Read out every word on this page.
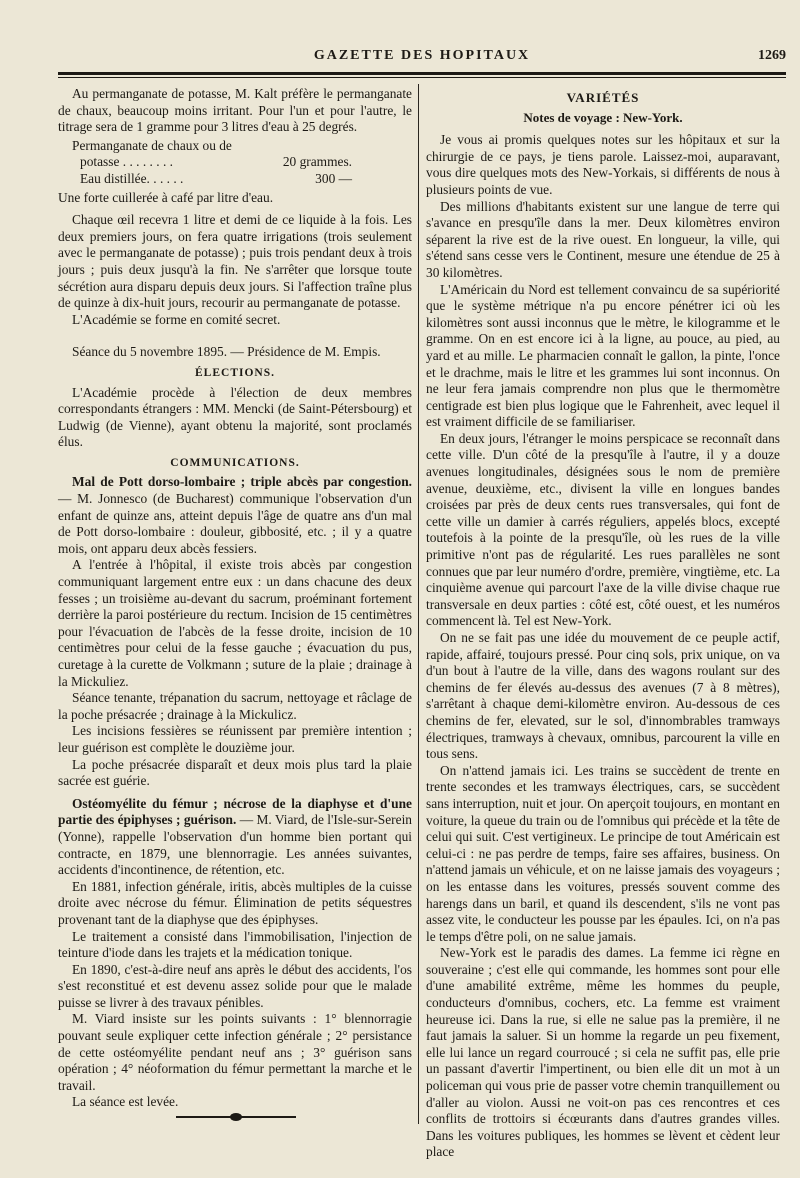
GAZETTE DES HOPITAUX	1269

Au permanganate de potasse, M. Kalt préfère le permanganate de chaux, beaucoup moins irritant. Pour l'un et pour l'autre, le titrage sera de 1 gramme pour 3 litres d'eau à 25 degrés.

Permanganate de chaux ou de

potasse . . . . . . . .	20 grammes.
Eau distillée. . . . . .	300 —

Une forte cuillerée à café par litre d'eau.

Chaque œil recevra 1 litre et demi de ce liquide à la fois. Les deux premiers jours, on fera quatre irrigations (trois seulement avec le permanganate de potasse) ; puis trois pendant deux à trois jours ; puis deux jusqu'à la fin. Ne s'arrêter que lorsque toute sécrétion aura disparu depuis deux jours. Si l'affection traîne plus de quinze à dix-huit jours, recourir au permanganate de potasse.

L'Académie se forme en comité secret.

Séance du 5 novembre 1895. — Présidence de M. Empis.

ÉLECTIONS.

L'Académie procède à l'élection de deux membres correspondants étrangers : MM. Mencki (de Saint-Pétersbourg) et Ludwig (de Vienne), ayant obtenu la majorité, sont proclamés élus.

COMMUNICATIONS.

Mal de Pott dorso-lombaire ; triple abcès par congestion. — M. Jonnesco (de Bucharest) communique l'observation d'un enfant de quinze ans, atteint depuis l'âge de quatre ans d'un mal de Pott dorso-lombaire : douleur, gibbosité, etc. ; il y a quatre mois, ont apparu deux abcès fessiers.

A l'entrée à l'hôpital, il existe trois abcès par congestion communiquant largement entre eux : un dans chacune des deux fesses ; un troisième au-devant du sacrum, proéminant fortement derrière la paroi postérieure du rectum. Incision de 15 centimètres pour l'évacuation de l'abcès de la fesse droite, incision de 10 centimètres pour celui de la fesse gauche ; évacuation du pus, curetage à la curette de Volkmann ; suture de la plaie ; drainage à la Mickuliez.

Séance tenante, trépanation du sacrum, nettoyage et râclage de la poche présacrée ; drainage à la Mickulicz.

Les incisions fessières se réunissent par première intention ; leur guérison est complète le douzième jour.

La poche présacrée disparaît et deux mois plus tard la plaie sacrée est guérie.

Ostéomyélite du fémur ; nécrose de la diaphyse et d'une partie des épiphyses ; guérison. — M. Viard, de l'Isle-sur-Serein (Yonne), rappelle l'observation d'un homme bien portant qui contracte, en 1879, une blennorragie. Les années suivantes, accidents d'incontinence, de rétention, etc.

En 1881, infection générale, iritis, abcès multiples de la cuisse droite avec nécrose du fémur. Élimination de petits séquestres provenant tant de la diaphyse que des épiphyses.

Le traitement a consisté dans l'immobilisation, l'injection de teinture d'iode dans les trajets et la médication tonique.

En 1890, c'est-à-dire neuf ans après le début des accidents, l'os s'est reconstitué et est devenu assez solide pour que le malade puisse se livrer à des travaux pénibles.

M. Viard insiste sur les points suivants : 1° blennorragie pouvant seule expliquer cette infection générale ; 2° persistance de cette ostéomyélite pendant neuf ans ; 3° guérison sans opération ; 4° néoformation du fémur permettant la marche et le travail.

La séance est levée.

VARIÉTÉS
Notes de voyage : New-York.

Je vous ai promis quelques notes sur les hôpitaux et sur la chirurgie de ce pays, je tiens parole. Laissez-moi, auparavant, vous dire quelques mots des New-Yorkais, si différents de nous à plusieurs points de vue.

Des millions d'habitants existent sur une langue de terre qui s'avance en presqu'île dans la mer. Deux kilomètres environ séparent la rive est de la rive ouest. En longueur, la ville, qui s'étend sans cesse vers le Continent, mesure une étendue de 25 à 30 kilomètres.

L'Américain du Nord est tellement convaincu de sa supériorité que le système métrique n'a pu encore pénétrer ici où les kilomètres sont aussi inconnus que le mètre, le kilogramme et le gramme. On en est encore ici à la ligne, au pouce, au pied, au yard et au mille. Le pharmacien connaît le gallon, la pinte, l'once et le drachme, mais le litre et les grammes lui sont inconnus. On ne leur fera jamais comprendre non plus que le thermomètre centigrade est bien plus logique que le Fahrenheit, avec lequel il est vraiment difficile de se familiariser.

En deux jours, l'étranger le moins perspicace se reconnaît dans cette ville. D'un côté de la presqu'île à l'autre, il y a douze avenues longitudinales, désignées sous le nom de première avenue, deuxième, etc., divisent la ville en longues bandes croisées par près de deux cents rues transversales, qui font de cette ville un damier à carrés réguliers, appelés blocs, excepté toutefois à la pointe de la presqu'île, où les rues de la ville primitive n'ont pas de régularité. Les rues parallèles ne sont connues que par leur numéro d'ordre, première, vingtième, etc. La cinquième avenue qui parcourt l'axe de la ville divise chaque rue transversale en deux parties : côté est, côté ouest, et les numéros commencent là. Tel est New-York.

On ne se fait pas une idée du mouvement de ce peuple actif, rapide, affairé, toujours pressé. Pour cinq sols, prix unique, on va d'un bout à l'autre de la ville, dans des wagons roulant sur des chemins de fer élevés au-dessus des avenues (7 à 8 mètres), s'arrêtant à chaque demi-kilomètre environ. Au-dessous de ces chemins de fer, elevated, sur le sol, d'innombrables tramways électriques, tramways à chevaux, omnibus, parcourent la ville en tous sens.

On n'attend jamais ici. Les trains se succèdent de trente en trente secondes et les tramways électriques, cars, se succèdent sans interruption, nuit et jour. On aperçoit toujours, en montant en voiture, la queue du train ou de l'omnibus qui précède et la tête de celui qui suit. C'est vertigineux. Le principe de tout Américain est celui-ci : ne pas perdre de temps, faire ses affaires, business. On n'attend jamais un véhicule, et on ne laisse jamais des voyageurs ; on les entasse dans les voitures, pressés souvent comme des harengs dans un baril, et quand ils descendent, s'ils ne vont pas assez vite, le conducteur les pousse par les épaules. Ici, on n'a pas le temps d'être poli, on ne salue jamais.

New-York est le paradis des dames. La femme ici règne en souveraine ; c'est elle qui commande, les hommes sont pour elle d'une amabilité extrême, même les hommes du peuple, conducteurs d'omnibus, cochers, etc. La femme est vraiment heureuse ici. Dans la rue, si elle ne salue pas la première, il ne faut jamais la saluer. Si un homme la regarde un peu fixement, elle lui lance un regard courroucé ; si cela ne suffit pas, elle prie un passant d'avertir l'impertinent, ou bien elle dit un mot à un policeman qui vous prie de passer votre chemin tranquillement ou d'aller au violon. Aussi ne voit-on pas ces rencontres et ces conflits de trottoirs si écœurants dans d'autres grandes villes. Dans les voitures publiques, les hommes se lèvent et cèdent leur place
